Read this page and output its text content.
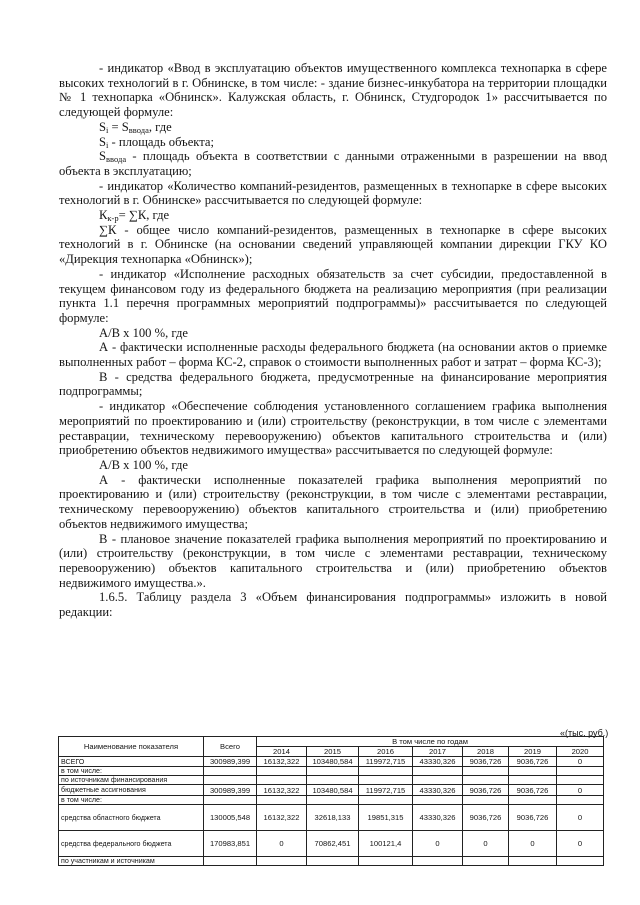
- индикатор «Ввод в эксплуатацию объектов имущественного комплекса технопарка в сфере высоких технологий в г. Обнинске, в том числе: - здание бизнес-инкубатора на территории площадки № 1 технопарка «Обнинск». Калужская область, г. Обнинск, Студгородок 1» рассчитывается по следующей формуле:

$S_i = S_{ввода}$, где

$S_i$ - площадь объекта;

$S_{ввода}$ - площадь объекта в соответствии с данными отраженными в разрешении на ввод объекта в эксплуатацию;

- индикатор «Количество компаний-резидентов, размещенных в технопарке в сфере высоких технологий в г. Обнинске» рассчитывается по следующей формуле:

$К_{к-р}= \sum К$, где

∑К - общее число компаний-резидентов, размещенных в технопарке в сфере высоких технологий в г. Обнинске (на основании сведений управляющей компании дирекции ГКУ КО «Дирекция технопарка «Обнинск»);

- индикатор «Исполнение расходных обязательств за счет субсидии, предоставленной в текущем финансовом году из федерального бюджета на реализацию мероприятия (при реализации пункта 1.1 перечня программных мероприятий подпрограммы)» рассчитывается по следующей формуле:

А/В х 100 %, где

А - фактически исполненные расходы федерального бюджета (на основании актов о приемке выполненных работ – форма КС-2, справок о стоимости выполненных работ и затрат – форма КС-3);

В - средства федерального бюджета, предусмотренные на финансирование мероприятия подпрограммы;

- индикатор «Обеспечение соблюдения установленного соглашением графика выполнения мероприятий по проектированию и (или) строительству (реконструкции, в том числе с элементами реставрации, техническому перевооружению) объектов капитального строительства и (или) приобретению объектов недвижимого имущества» рассчитывается по следующей формуле:

А/В х 100 %, где

А - фактически исполненные показателей графика выполнения мероприятий по проектированию и (или) строительству (реконструкции, в том числе с элементами реставрации, техническому перевооружению) объектов капитального строительства и (или) приобретению объектов недвижимого имущества;

В - плановое значение показателей графика выполнения мероприятий по проектированию и (или) строительству (реконструкции, в том числе с элементами реставрации, техническому перевооружению) объектов капитального строительства и (или) приобретению объектов недвижимого имущества.».

1.6.5. Таблицу раздела 3 «Объем финансирования подпрограммы» изложить в новой редакции:

«(тыс. руб.)
Наименование показателя	Всего	В том числе по годам						
		2014	2015	2016	2017	2018	2019	2020
ВСЕГО	300989,399	16132,322	103480,584	119972,715	43330,326	9036,726	9036,726	0
в том числе:								
по источникам финансирования								
бюджетные ассигнования	300989,399	16132,322	103480,584	119972,715	43330,326	9036,726	9036,726	0
в том числе:								
средства областного бюджета	130005,548	16132,322	32618,133	19851,315	43330,326	9036,726	9036,726	0
средства федерального бюджета	170983,851	0	70862,451	100121,4	0	0	0	0
по участникам и источникам								
